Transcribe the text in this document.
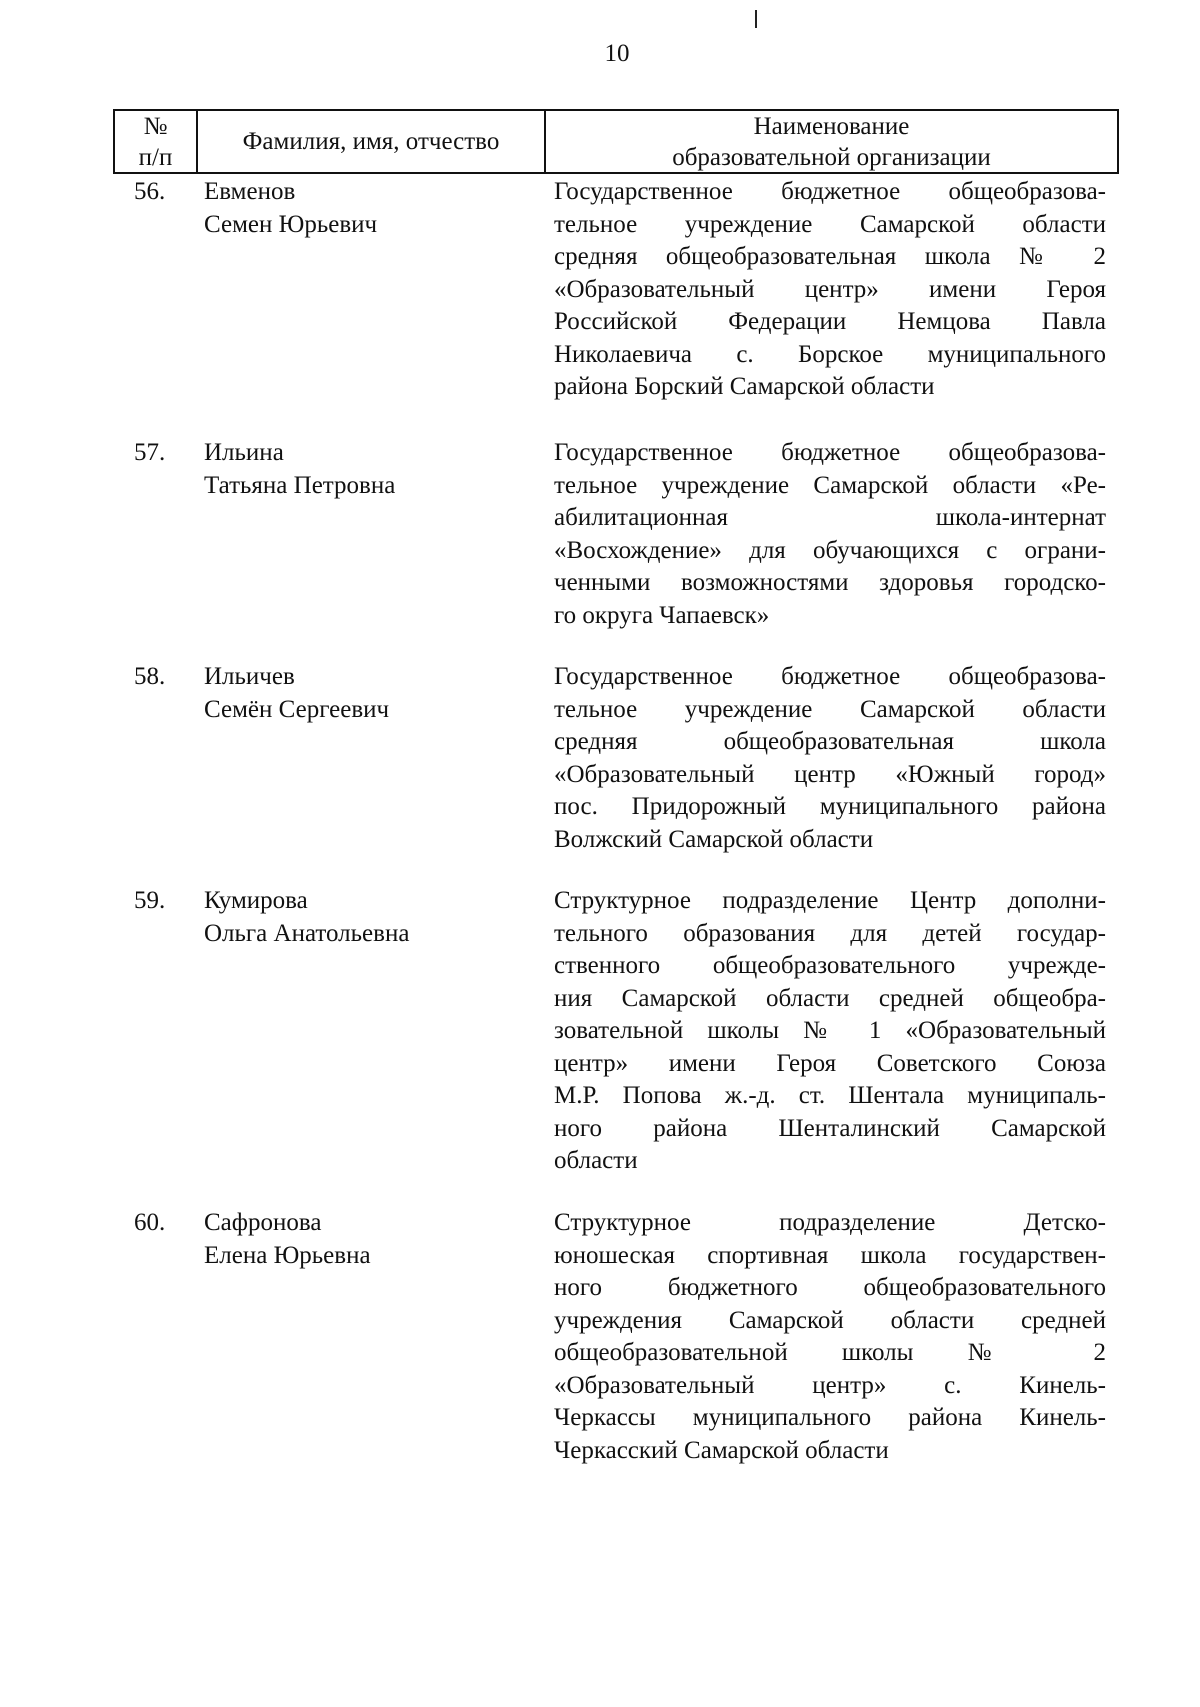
10
№
п/п
Фамилия, имя, отчество
Наименование
образовательной организации
56. Евменов
Семен Юрьевич
Государственное бюджетное общеобразова-
тельное учреждение Самарской области
средняя общеобразовательная школа № 2
«Образовательный центр» имени Героя
Российской Федерации Немцова Павла
Николаевича с. Борское муниципального
района Борский Самарской области
57. Ильина
Татьяна Петровна
Государственное бюджетное общеобразова-
тельное учреждение Самарской области «Ре-
абилитационная школа-интернат
«Восхождение» для обучающихся с ограни-
ченными возможностями здоровья городско-
го округа Чапаевск»
58. Ильичев
Семён Сергеевич
Государственное бюджетное общеобразова-
тельное учреждение Самарской области
средняя общеобразовательная школа
«Образовательный центр «Южный город»
пос. Придорожный муниципального района
Волжский Самарской области
59. Кумирова
Ольга Анатольевна
Структурное подразделение Центр дополни-
тельного образования для детей государ-
ственного общеобразовательного учрежде-
ния Самарской области средней общеобра-
зовательной школы № 1 «Образовательный
центр» имени Героя Советского Союза
М.Р. Попова ж.-д. ст. Шентала муниципаль-
ного района Шенталинский Самарской
области
60. Сафронова
Елена Юрьевна
Структурное подразделение Детско-
юношеская спортивная школа государствен-
ного бюджетного общеобразовательного
учреждения Самарской области средней
общеобразовательной школы № 2
«Образовательный центр» с. Кинель-
Черкассы муниципального района Кинель-
Черкасский Самарской области
